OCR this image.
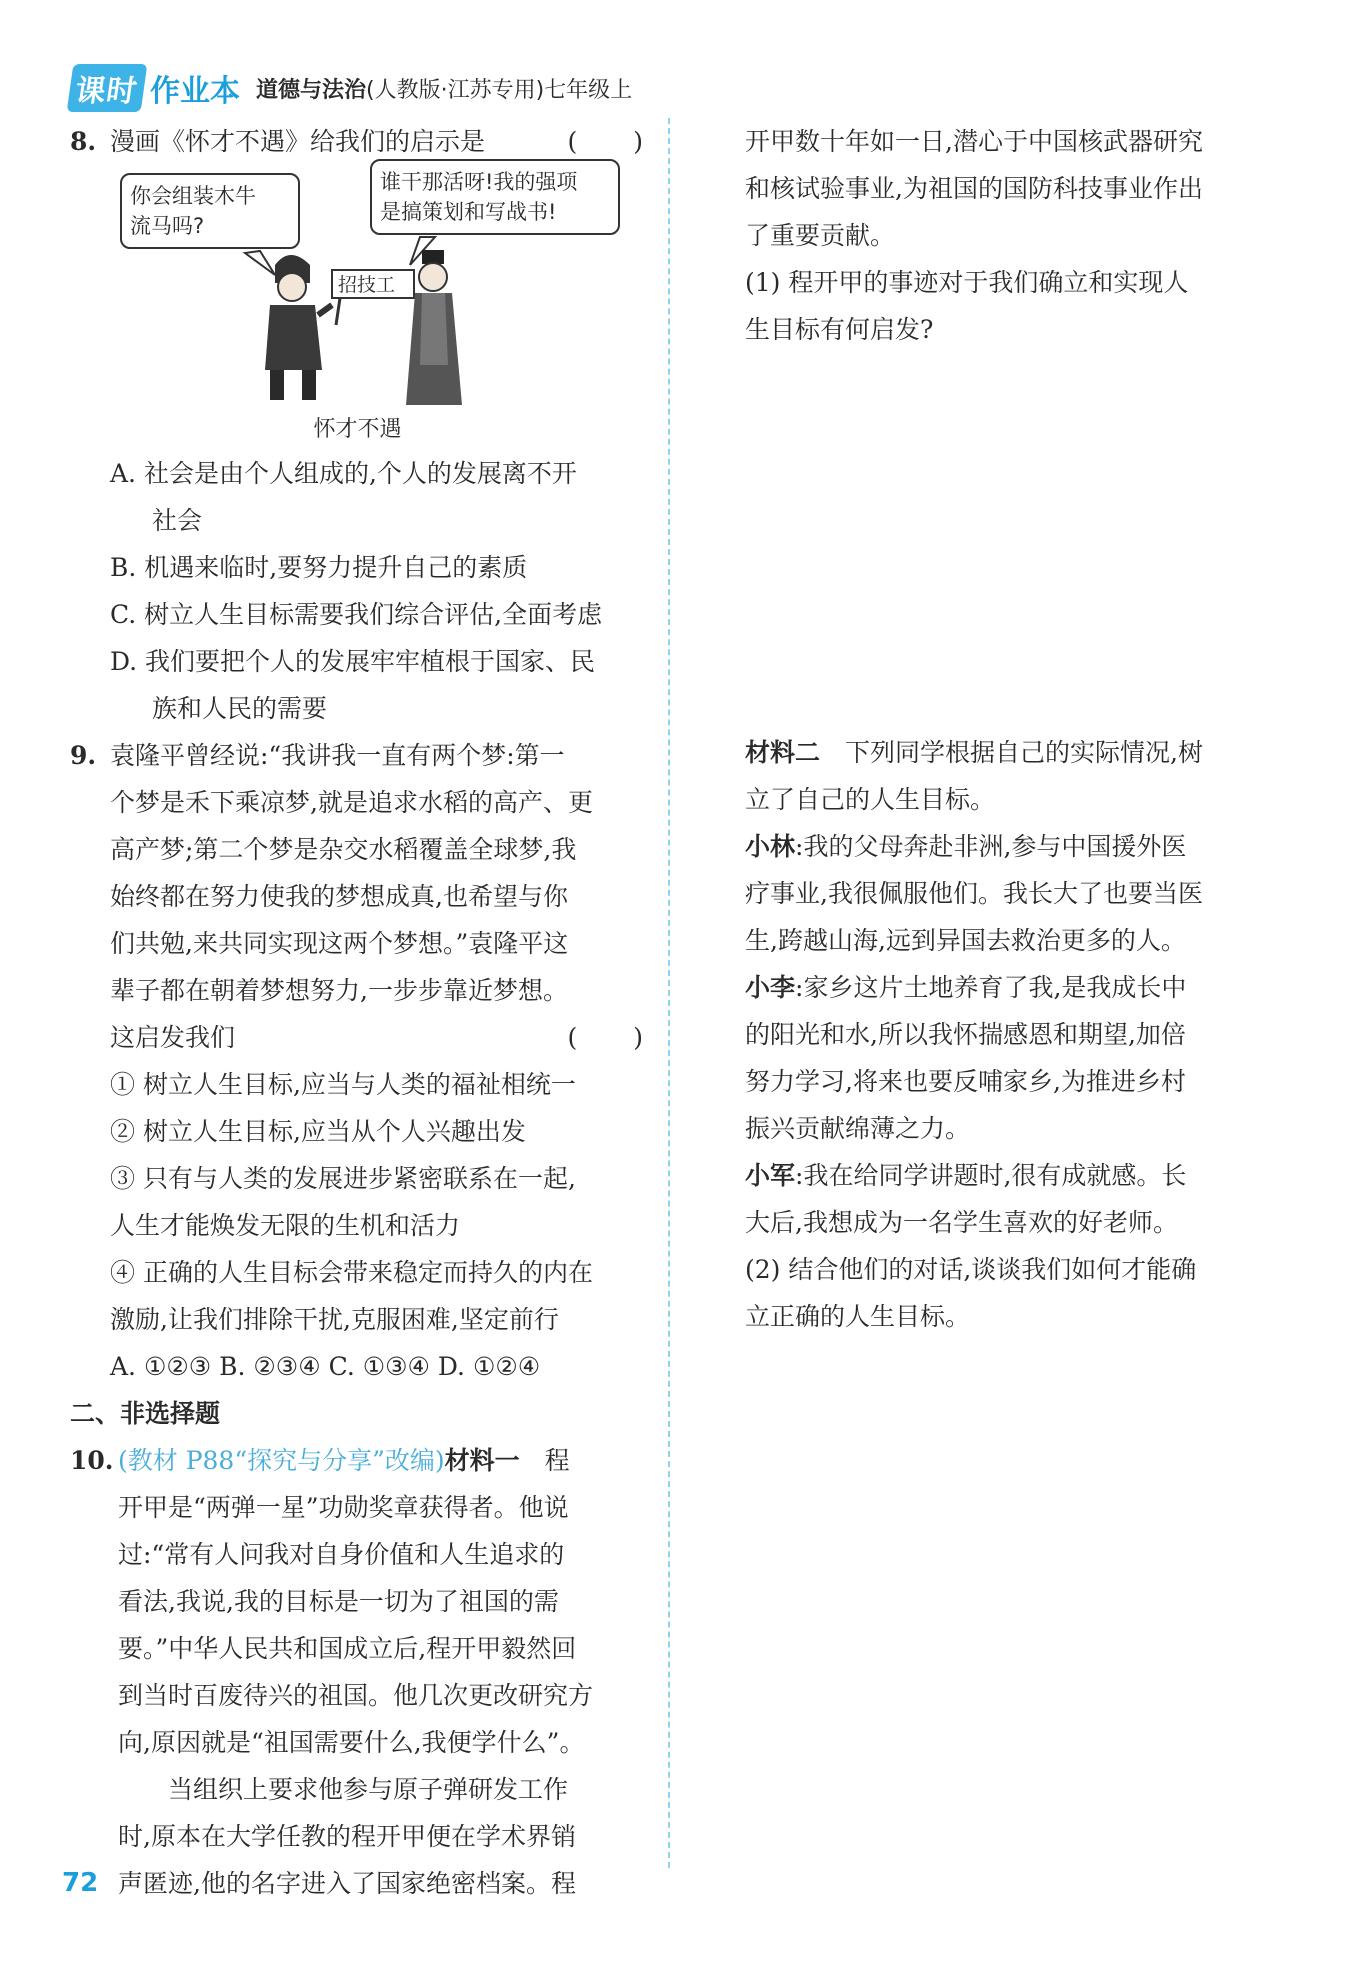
课时 作业本 道德与法治(人教版·江苏专用)七年级上
8. 漫画《怀才不遇》给我们的启示是	(　　)
你会组装木牛
流马吗?
谁干那活呀!我的强项
是搞策划和写战书!
招技工
怀才不遇
A. 社会是由个人组成的,个人的发展离不开
社会
B. 机遇来临时,要努力提升自己的素质
C. 树立人生目标需要我们综合评估,全面考虑
D. 我们要把个人的发展牢牢植根于国家、民
族和人民的需要
9. 袁隆平曾经说:“我讲我一直有两个梦:第一
个梦是禾下乘凉梦,就是追求水稻的高产、更
高产梦;第二个梦是杂交水稻覆盖全球梦,我
始终都在努力使我的梦想成真,也希望与你
们共勉,来共同实现这两个梦想。”袁隆平这
辈子都在朝着梦想努力,一步步靠近梦想。
这启发我们	(　　)
① 树立人生目标,应当与人类的福祉相统一
② 树立人生目标,应当从个人兴趣出发
③ 只有与人类的发展进步紧密联系在一起,
人生才能焕发无限的生机和活力
④ 正确的人生目标会带来稳定而持久的内在
激励,让我们排除干扰,克服困难,坚定前行
A. ①②③ B. ②③④ C. ①③④ D. ①②④
二、非选择题
10. (教材 P88“探究与分享”改编)材料一　程
开甲是“两弹一星”功勋奖章获得者。他说
过:“常有人问我对自身价值和人生追求的
看法,我说,我的目标是一切为了祖国的需
要。”中华人民共和国成立后,程开甲毅然回
到当时百废待兴的祖国。他几次更改研究方
向,原因就是“祖国需要什么,我便学什么”。
　　当组织上要求他参与原子弹研发工作
时,原本在大学任教的程开甲便在学术界销
声匿迹,他的名字进入了国家绝密档案。程
开甲数十年如一日,潜心于中国核武器研究
和核试验事业,为祖国的国防科技事业作出
了重要贡献。
(1) 程开甲的事迹对于我们确立和实现人
生目标有何启发?
材料二　下列同学根据自己的实际情况,树
立了自己的人生目标。
小林:我的父母奔赴非洲,参与中国援外医
疗事业,我很佩服他们。我长大了也要当医
生,跨越山海,远到异国去救治更多的人。
小李:家乡这片土地养育了我,是我成长中
的阳光和水,所以我怀揣感恩和期望,加倍
努力学习,将来也要反哺家乡,为推进乡村
振兴贡献绵薄之力。
小军:我在给同学讲题时,很有成就感。长
大后,我想成为一名学生喜欢的好老师。
(2) 结合他们的对话,谈谈我们如何才能确
立正确的人生目标。
72
